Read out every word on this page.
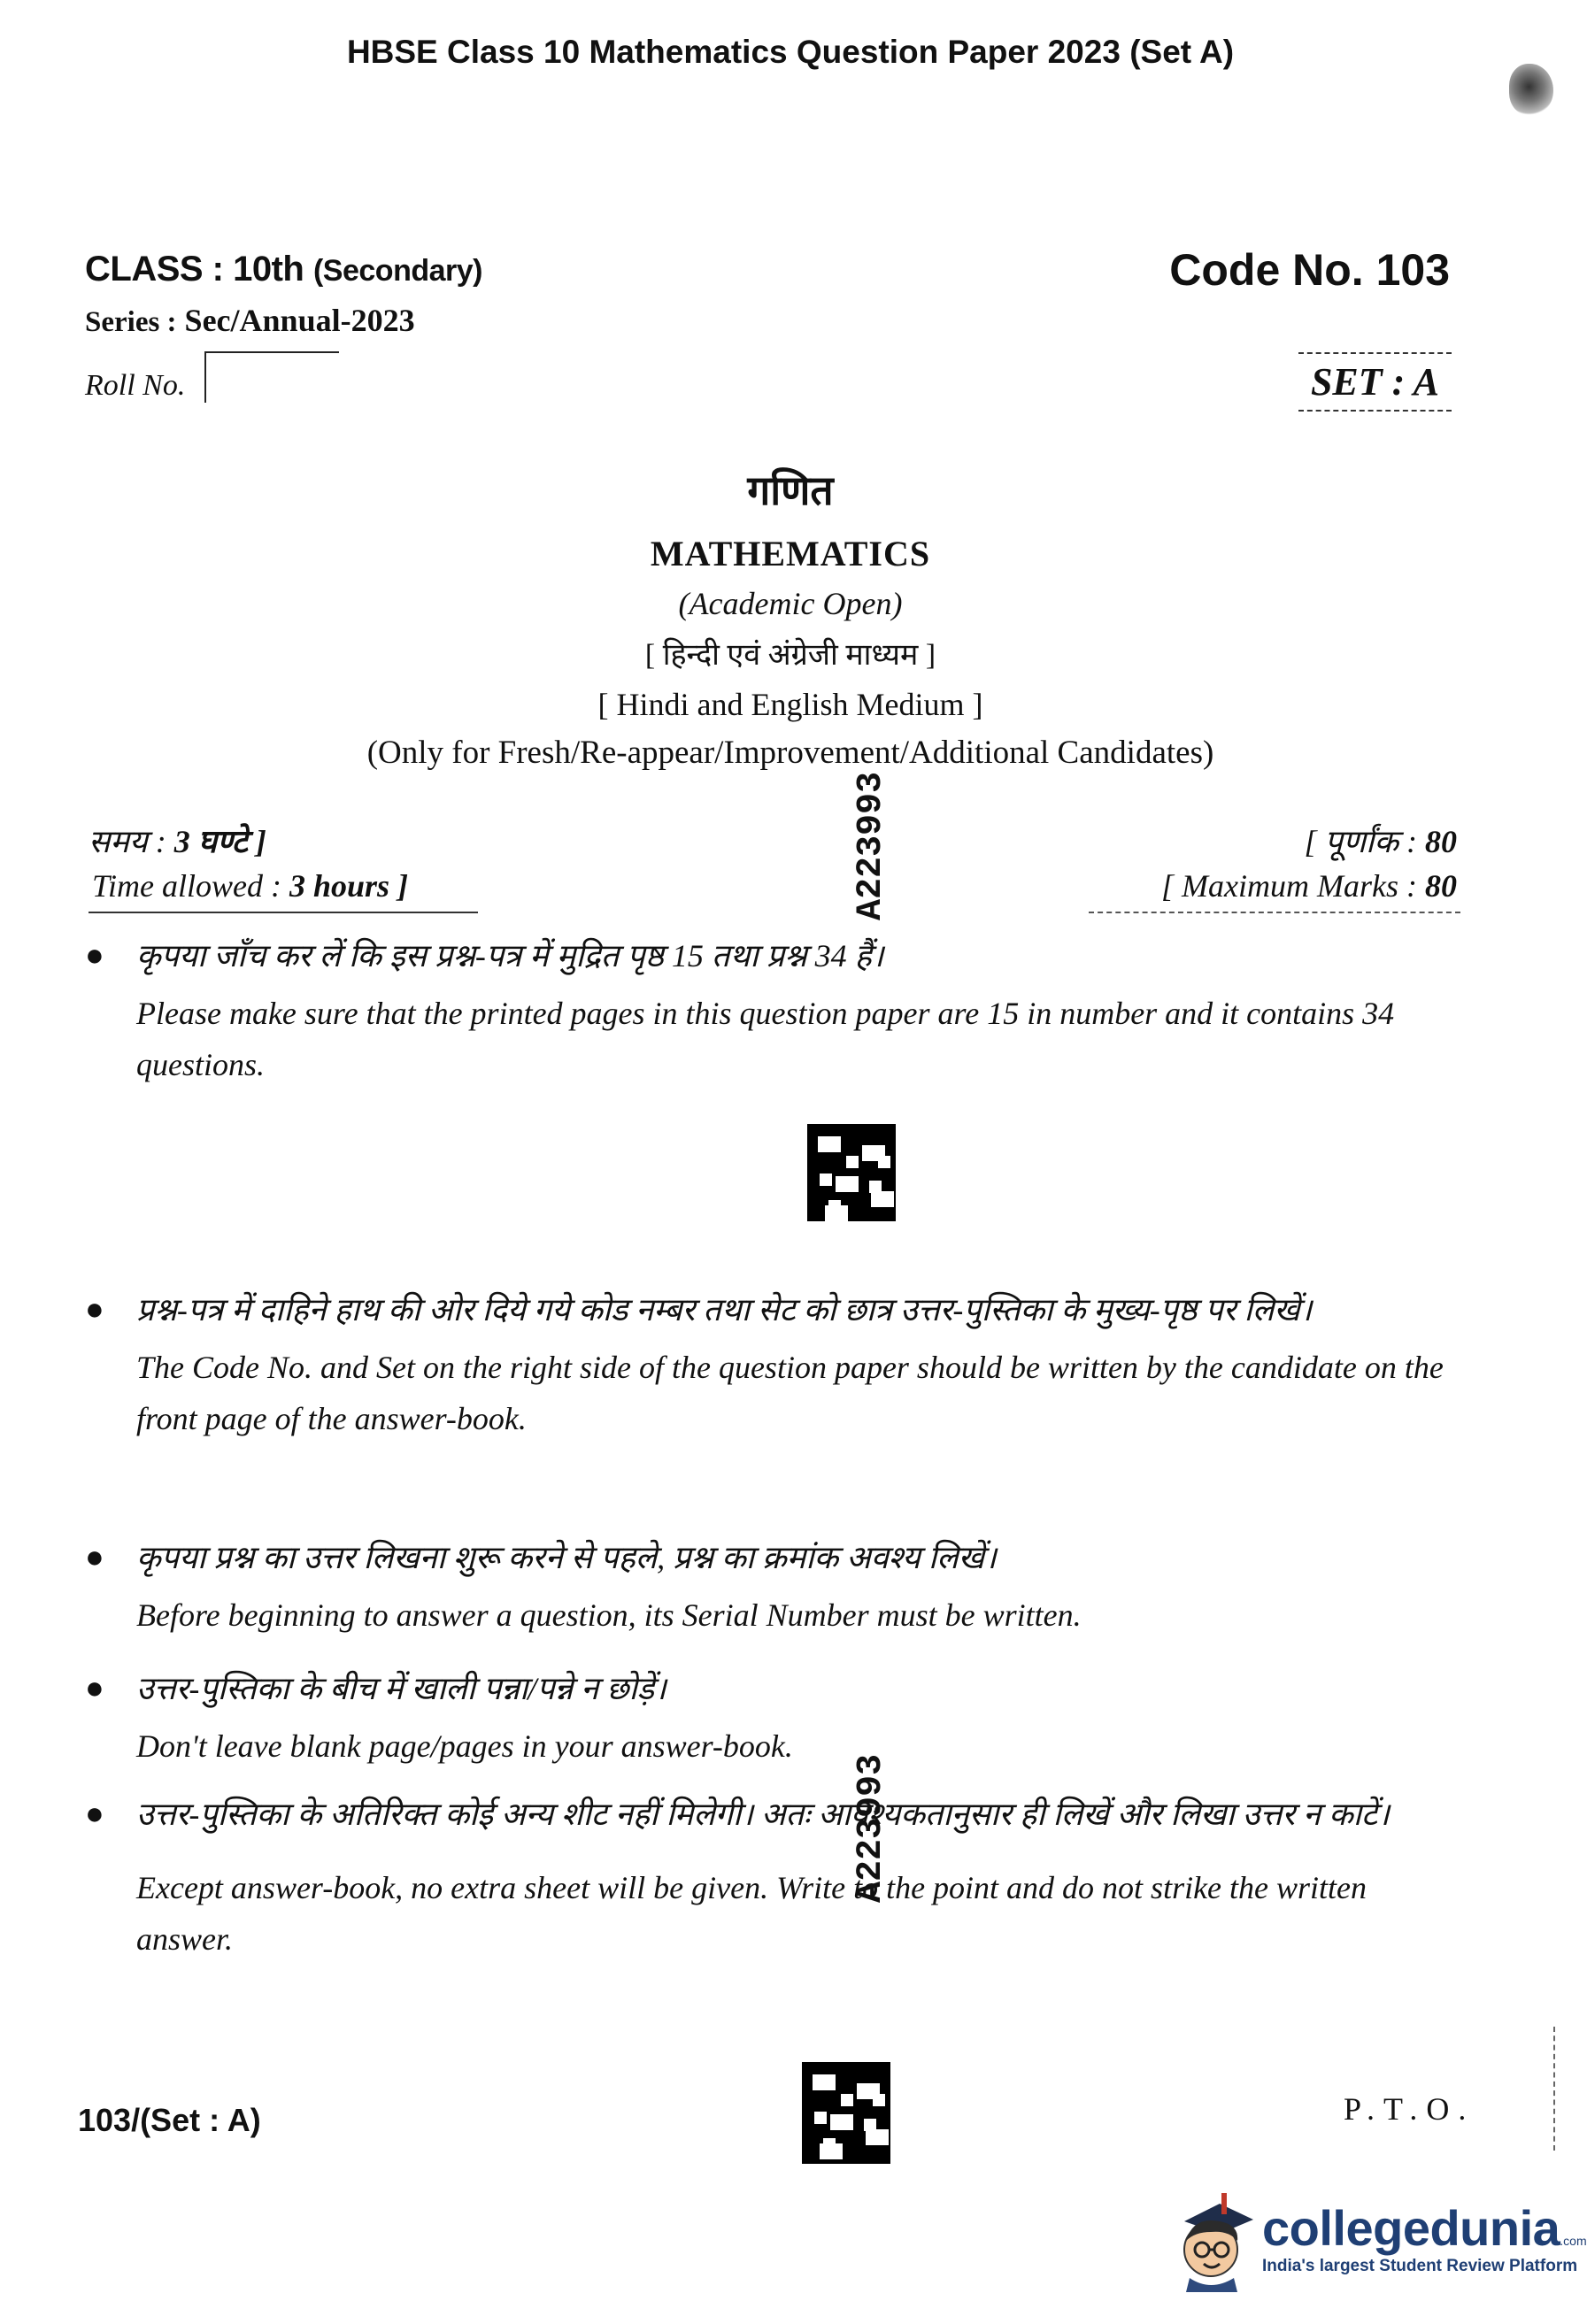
HBSE Class 10 Mathematics Question Paper 2023 (Set A)
CLASS : 10th (Secondary)
Series : Sec/Annual-2023
Roll No.
Code No. 103
SET : A
गणित
MATHEMATICS
(Academic Open)
[ हिन्दी एवं अंग्रेजी माध्यम ]
[ Hindi and English Medium ]
(Only for Fresh/Re-appear/Improvement/Additional Candidates)
समय : 3 घण्टे ]
Time allowed : 3 hours ]
[ पूर्णांक : 80
[ Maximum Marks : 80
A223993
A223993
●	कृपया जाँच कर लें कि इस प्रश्न-पत्र में मुद्रित पृष्ठ 15 तथा प्रश्न 34 हैं।
Please make sure that the printed pages in this question paper are 15 in number and it contains 34 questions.
●	प्रश्न-पत्र में दाहिने हाथ की ओर दिये गये कोड नम्बर तथा सेट को छात्र उत्तर-पुस्तिका के मुख्य-पृष्ठ पर लिखें।
The Code No. and Set on the right side of the question paper should be written by the candidate on the front page of the answer-book.
●	कृपया प्रश्न का उत्तर लिखना शुरू करने से पहले, प्रश्न का क्रमांक अवश्य लिखें।
Before beginning to answer a question, its Serial Number must be written.
●	उत्तर-पुस्तिका के बीच में खाली पन्ना/पन्ने न छोड़ें।
Don't leave blank page/pages in your answer-book.
●	उत्तर-पुस्तिका के अतिरिक्त कोई अन्य शीट नहीं मिलेगी। अतः आवश्यकतानुसार ही लिखें और लिखा उत्तर न काटें।
Except answer-book, no extra sheet will be given. Write to the point and do not strike the written answer.
103/(Set : A)	P.T.O.
collegedunia.com
India's largest Student Review Platform
